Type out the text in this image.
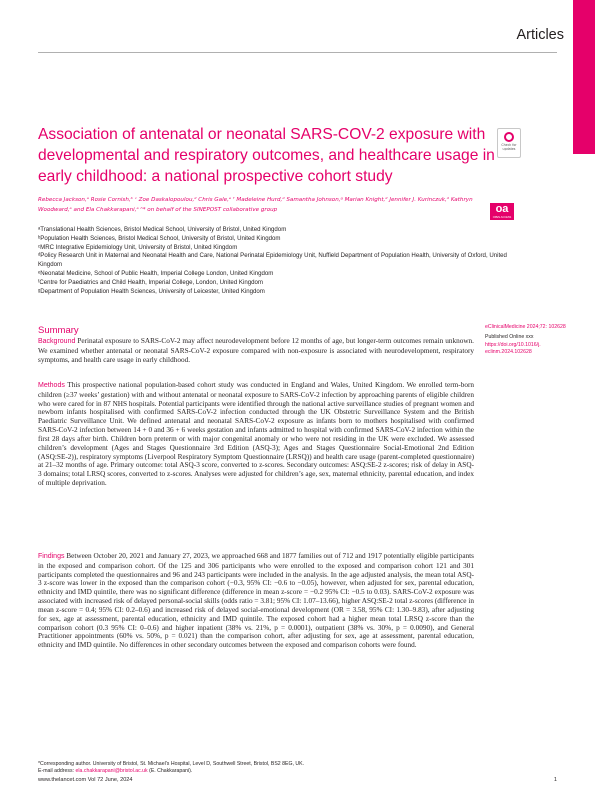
Articles
Association of antenatal or neonatal SARS-COV-2 exposure with developmental and respiratory outcomes, and healthcare usage in early childhood: a national prospective cohort study
Check for updates
Rebecca Jackson,ᵃ Rosie Cornish,ᵇ ᶜ Zoe Daskalopoulou,ᵈ Chris Gale,ᵉ ᶠ Madeleine Hurd,ᵈ Samantha Johnson,ᵍ Marian Knight,ᵈ Jennifer J. Kurinczuk,ᵈ Kathryn Woodward,ᵃ and Ela Chakkarapani,ᵃ ʰ* on behalf of the SINEPOST collaborative group	oa
OPEN ACCESS
ᵃTranslational Health Sciences, Bristol Medical School, University of Bristol, United Kingdom
ᵇPopulation Health Sciences, Bristol Medical School, University of Bristol, United Kingdom
ᶜMRC Integrative Epidemiology Unit, University of Bristol, United Kingdom
ᵈPolicy Research Unit in Maternal and Neonatal Health and Care, National Perinatal Epidemiology Unit, Nuffield Department of Population Health, University of Oxford, United Kingdom
ᵉNeonatal Medicine, School of Public Health, Imperial College London, United Kingdom
ᶠCentre for Paediatrics and Child Health, Imperial College, London, United Kingdom
ᵍDepartment of Population Health Sciences, University of Leicester, United Kingdom
Summary	eClinicalMedicine 2024;72: 102628
Published Online xxx
https://doi.org/10.1016/j.eclinm.2024.102628

Background Perinatal exposure to SARS-CoV-2 may affect neurodevelopment before 12 months of age, but longer-term outcomes remain unknown. We examined whether antenatal or neonatal SARS-CoV-2 exposure compared with non-exposure is associated with neurodevelopment, respiratory symptoms, and health care usage in early childhood.

Methods This prospective national population-based cohort study was conducted in England and Wales, United Kingdom. We enrolled term-born children (≥37 weeks’ gestation) with and without antenatal or neonatal exposure to SARS-CoV-2 infection by approaching parents of eligible children who were cared for in 87 NHS hospitals. Potential participants were identified through the national active surveillance studies of pregnant women and newborn infants hospitalised with confirmed SARS-CoV-2 infection conducted through the UK Obstetric Surveillance System and the British Paediatric Surveillance Unit. We defined antenatal and neonatal SARS-CoV-2 exposure as infants born to mothers hospitalised with confirmed SARS-CoV-2 infection between 14 + 0 and 36 + 6 weeks gestation and infants admitted to hospital with confirmed SARS-CoV-2 infection within the first 28 days after birth. Children born preterm or with major congenital anomaly or who were not residing in the UK were excluded. We assessed children’s development (Ages and Stages Questionnaire 3rd Edition (ASQ-3); Ages and Stages Questionnaire Social-Emotional 2nd Edition (ASQ:SE-2)), respiratory symptoms (Liverpool Respiratory Symptom Questionnaire (LRSQ)) and health care usage (parent-completed questionnaire) at 21–32 months of age. Primary outcome: total ASQ-3 score, converted to z-scores. Secondary outcomes: ASQ:SE-2 z-scores; risk of delay in ASQ-3 domains; total LRSQ scores, converted to z-scores. Analyses were adjusted for children’s age, sex, maternal ethnicity, parental education, and index of multiple deprivation.

Findings Between October 20, 2021 and January 27, 2023, we approached 668 and 1877 families out of 712 and 1917 potentially eligible participants in the exposed and comparison cohort. Of the 125 and 306 participants who were enrolled to the exposed and comparison cohort 121 and 301 participants completed the questionnaires and 96 and 243 participants were included in the analysis. In the age adjusted analysis, the mean total ASQ-3 z-score was lower in the exposed than the comparison cohort (−0.3, 95% CI: −0.6 to −0.05), however, when adjusted for sex, parental education, ethnicity and IMD quintile, there was no significant difference (difference in mean z-score = −0.2 95% CI: −0.5 to 0.03). SARS-CoV-2 exposure was associated with increased risk of delayed personal-social skills (odds ratio = 3.81; 95% CI: 1.07–13.66), higher ASQ:SE-2 total z-scores (difference in mean z-score = 0.4; 95% CI: 0.2–0.6) and increased risk of delayed social-emotional development (OR = 3.58, 95% CI: 1.30–9.83), after adjusting for sex, age at assessment, parental education, ethnicity and IMD quintile. The exposed cohort had a higher mean total LRSQ z-score than the comparison cohort (0.3 95% CI: 0–0.6) and higher inpatient (38% vs. 21%, p = 0.0001), outpatient (38% vs. 30%, p = 0.0090), and General Practitioner appointments (60% vs. 50%, p = 0.021) than the comparison cohort, after adjusting for sex, age at assessment, parental education, ethnicity and IMD quintile. No differences in other secondary outcomes between the exposed and comparison cohorts were found.

*Corresponding author. University of Bristol, St. Michael’s Hospital, Level D, Southwell Street, Bristol, BS2 8EG, UK.
E-mail address: ela.chakkarapani@bristol.ac.uk (E. Chakkarapani).
www.thelancet.com Vol 72 June, 2024	1
